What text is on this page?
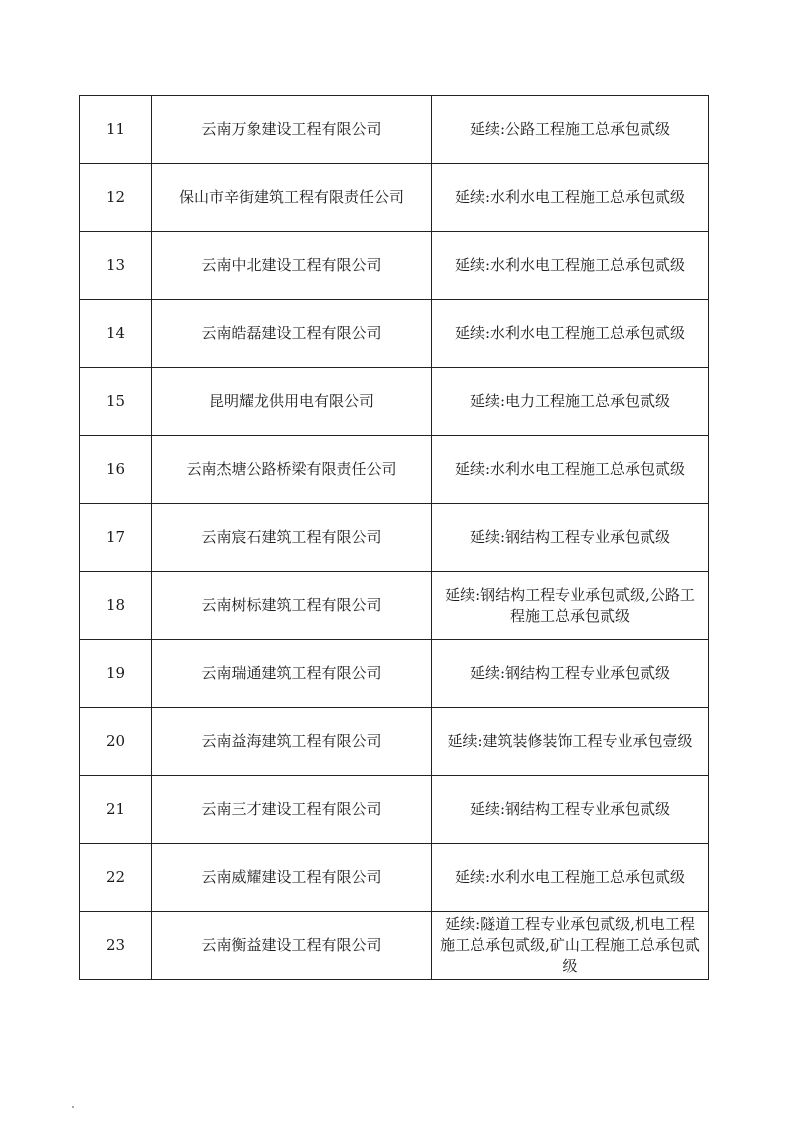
11	云南万象建设工程有限公司	延续:公路工程施工总承包贰级
12	保山市辛街建筑工程有限责任公司	延续:水利水电工程施工总承包贰级
13	云南中北建设工程有限公司	延续:水利水电工程施工总承包贰级
14	云南皓磊建设工程有限公司	延续:水利水电工程施工总承包贰级
15	昆明耀龙供用电有限公司	延续:电力工程施工总承包贰级
16	云南杰塘公路桥梁有限责任公司	延续:水利水电工程施工总承包贰级
17	云南宸石建筑工程有限公司	延续:钢结构工程专业承包贰级
18	云南树标建筑工程有限公司	延续:钢结构工程专业承包贰级,公路工程施工总承包贰级
19	云南瑞通建筑工程有限公司	延续:钢结构工程专业承包贰级
20	云南益海建筑工程有限公司	延续:建筑装修装饰工程专业承包壹级
21	云南三才建设工程有限公司	延续:钢结构工程专业承包贰级
22	云南威耀建设工程有限公司	延续:水利水电工程施工总承包贰级
23	云南衡益建设工程有限公司	延续:隧道工程专业承包贰级,机电工程施工总承包贰级,矿山工程施工总承包贰级
